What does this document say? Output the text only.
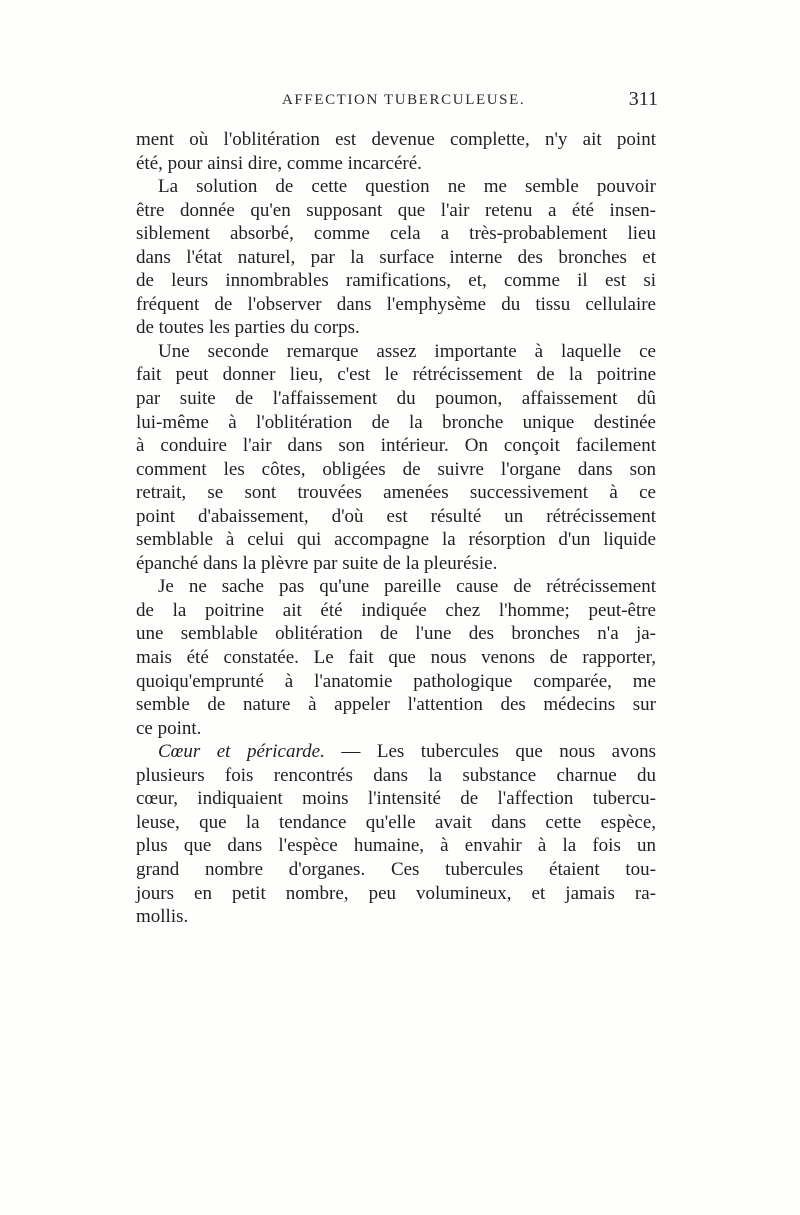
AFFECTION TUBERCULEUSE.	311
ment où l'oblitération est devenue complette, n'y ait point
été, pour ainsi dire, comme incarcéré.
La solution de cette question ne me semble pouvoir
être donnée qu'en supposant que l'air retenu a été insen-
siblement absorbé, comme cela a très-probablement lieu
dans l'état naturel, par la surface interne des bronches et
de leurs innombrables ramifications, et, comme il est si
fréquent de l'observer dans l'emphysème du tissu cellulaire
de toutes les parties du corps.
Une seconde remarque assez importante à laquelle ce
fait peut donner lieu, c'est le rétrécissement de la poitrine
par suite de l'affaissement du poumon, affaissement dû
lui-même à l'oblitération de la bronche unique destinée
à conduire l'air dans son intérieur. On conçoit facilement
comment les côtes, obligées de suivre l'organe dans son
retrait, se sont trouvées amenées successivement à ce
point d'abaissement, d'où est résulté un rétrécissement
semblable à celui qui accompagne la résorption d'un liquide
épanché dans la plèvre par suite de la pleurésie.
Je ne sache pas qu'une pareille cause de rétrécissement
de la poitrine ait été indiquée chez l'homme; peut-être
une semblable oblitération de l'une des bronches n'a ja-
mais été constatée. Le fait que nous venons de rapporter,
quoiqu'emprunté à l'anatomie pathologique comparée, me
semble de nature à appeler l'attention des médecins sur
ce point.
Cœur et péricarde. — Les tubercules que nous avons
plusieurs fois rencontrés dans la substance charnue du
cœur, indiquaient moins l'intensité de l'affection tubercu-
leuse, que la tendance qu'elle avait dans cette espèce,
plus que dans l'espèce humaine, à envahir à la fois un
grand nombre d'organes. Ces tubercules étaient tou-
jours en petit nombre, peu volumineux, et jamais ra-
mollis.
